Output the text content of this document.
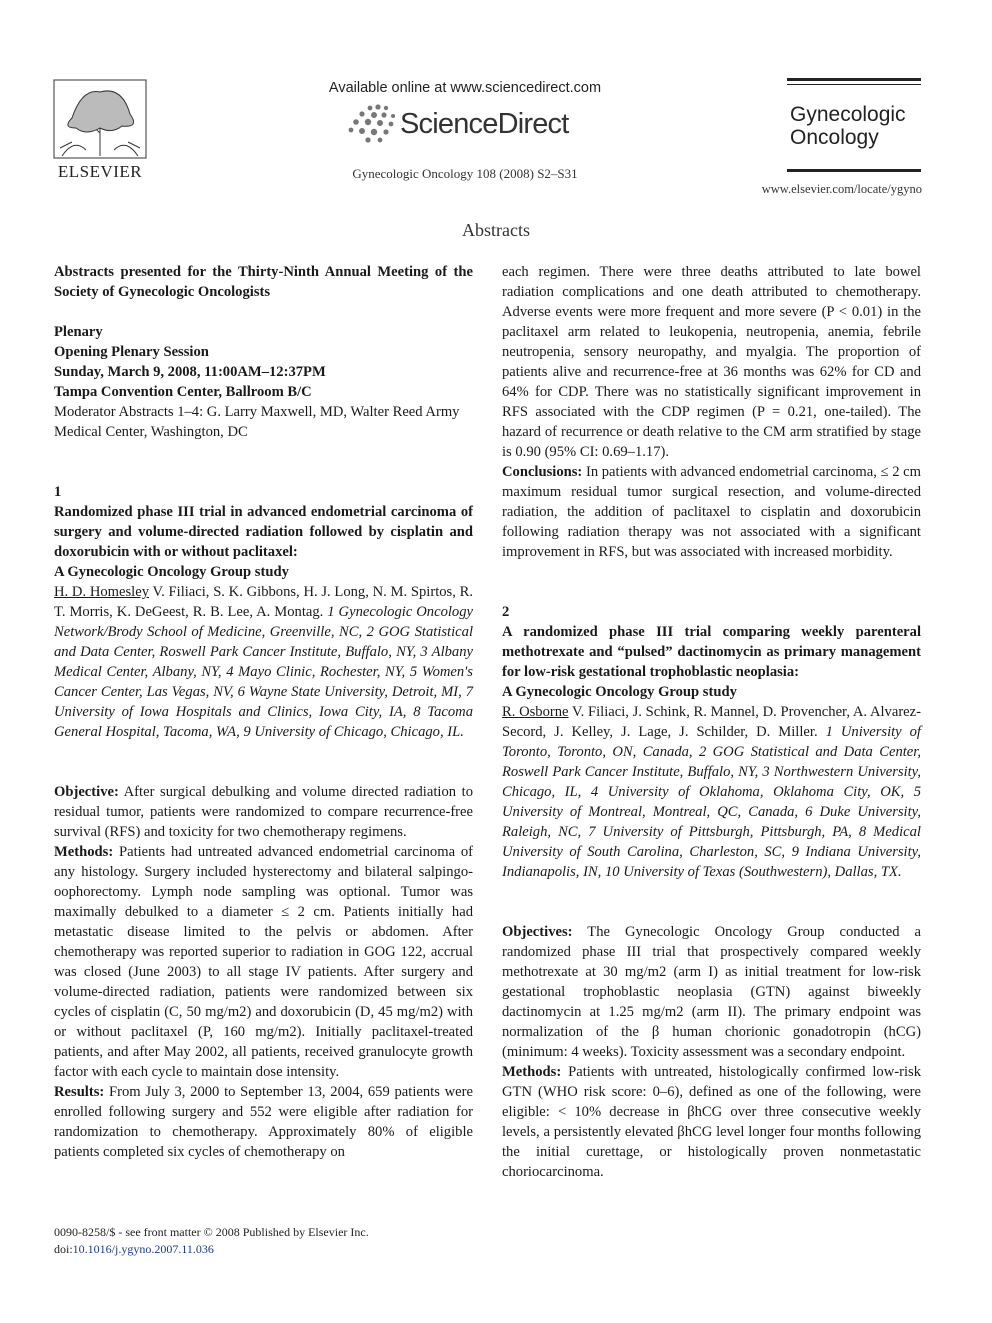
ELSEVIER
Available online at www.sciencedirect.com
ScienceDirect
Gynecologic Oncology 108 (2008) S2–S31
Gynecologic
Oncology
www.elsevier.com/locate/ygyno
Abstracts

Abstracts presented for the Thirty-Ninth Annual Meeting of the Society of Gynecologic Oncologists

Plenary

Opening Plenary Session

Sunday, March 9, 2008, 11:00AM–12:37PM

Tampa Convention Center, Ballroom B/C

Moderator Abstracts 1–4: G. Larry Maxwell, MD, Walter Reed Army Medical Center, Washington, DC

1

Randomized phase III trial in advanced endometrial carcinoma of surgery and volume-directed radiation followed by cisplatin and doxorubicin with or without paclitaxel:

A Gynecologic Oncology Group study

H. D. Homesley V. Filiaci, S. K. Gibbons, H. J. Long, N. M. Spirtos, R. T. Morris, K. DeGeest, R. B. Lee, A. Montag. 1 Gynecologic Oncology Network/Brody School of Medicine, Greenville, NC, 2 GOG Statistical and Data Center, Roswell Park Cancer Institute, Buffalo, NY, 3 Albany Medical Center, Albany, NY, 4 Mayo Clinic, Rochester, NY, 5 Women's Cancer Center, Las Vegas, NV, 6 Wayne State University, Detroit, MI, 7 University of Iowa Hospitals and Clinics, Iowa City, IA, 8 Tacoma General Hospital, Tacoma, WA, 9 University of Chicago, Chicago, IL.

Objective: After surgical debulking and volume directed radiation to residual tumor, patients were randomized to compare recurrence-free survival (RFS) and toxicity for two chemotherapy regimens.

Methods: Patients had untreated advanced endometrial carcinoma of any histology. Surgery included hysterectomy and bilateral salpingo-oophorectomy. Lymph node sampling was optional. Tumor was maximally debulked to a diameter ≤ 2 cm. Patients initially had metastatic disease limited to the pelvis or abdomen. After chemotherapy was reported superior to radiation in GOG 122, accrual was closed (June 2003) to all stage IV patients. After surgery and volume-directed radiation, patients were randomized between six cycles of cisplatin (C, 50 mg/m2) and doxorubicin (D, 45 mg/m2) with or without paclitaxel (P, 160 mg/m2). Initially paclitaxel-treated patients, and after May 2002, all patients, received granulocyte growth factor with each cycle to maintain dose intensity.

Results: From July 3, 2000 to September 13, 2004, 659 patients were enrolled following surgery and 552 were eligible after radiation for randomization to chemotherapy. Approximately 80% of eligible patients completed six cycles of chemotherapy on

each regimen. There were three deaths attributed to late bowel radiation complications and one death attributed to chemotherapy. Adverse events were more frequent and more severe (P < 0.01) in the paclitaxel arm related to leukopenia, neutropenia, anemia, febrile neutropenia, sensory neuropathy, and myalgia. The proportion of patients alive and recurrence-free at 36 months was 62% for CD and 64% for CDP. There was no statistically significant improvement in RFS associated with the CDP regimen (P = 0.21, one-tailed). The hazard of recurrence or death relative to the CM arm stratified by stage is 0.90 (95% CI: 0.69–1.17).

Conclusions: In patients with advanced endometrial carcinoma, ≤ 2 cm maximum residual tumor surgical resection, and volume-directed radiation, the addition of paclitaxel to cisplatin and doxorubicin following radiation therapy was not associated with a significant improvement in RFS, but was associated with increased morbidity.

2

A randomized phase III trial comparing weekly parenteral methotrexate and “pulsed” dactinomycin as primary management for low-risk gestational trophoblastic neoplasia:

A Gynecologic Oncology Group study

R. Osborne V. Filiaci, J. Schink, R. Mannel, D. Provencher, A. Alvarez-Secord, J. Kelley, J. Lage, J. Schilder, D. Miller. 1 University of Toronto, Toronto, ON, Canada, 2 GOG Statistical and Data Center, Roswell Park Cancer Institute, Buffalo, NY, 3 Northwestern University, Chicago, IL, 4 University of Oklahoma, Oklahoma City, OK, 5 University of Montreal, Montreal, QC, Canada, 6 Duke University, Raleigh, NC, 7 University of Pittsburgh, Pittsburgh, PA, 8 Medical University of South Carolina, Charleston, SC, 9 Indiana University, Indianapolis, IN, 10 University of Texas (Southwestern), Dallas, TX.

Objectives: The Gynecologic Oncology Group conducted a randomized phase III trial that prospectively compared weekly methotrexate at 30 mg/m2 (arm I) as initial treatment for low-risk gestational trophoblastic neoplasia (GTN) against biweekly dactinomycin at 1.25 mg/m2 (arm II). The primary endpoint was normalization of the β human chorionic gonadotropin (hCG) (minimum: 4 weeks). Toxicity assessment was a secondary endpoint.

Methods: Patients with untreated, histologically confirmed low-risk GTN (WHO risk score: 0–6), defined as one of the following, were eligible: < 10% decrease in βhCG over three consecutive weekly levels, a persistently elevated βhCG level longer four months following the initial curettage, or histologically proven nonmetastatic choriocarcinoma.

0090-8258/$ - see front matter © 2008 Published by Elsevier Inc.
doi:10.1016/j.ygyno.2007.11.036
